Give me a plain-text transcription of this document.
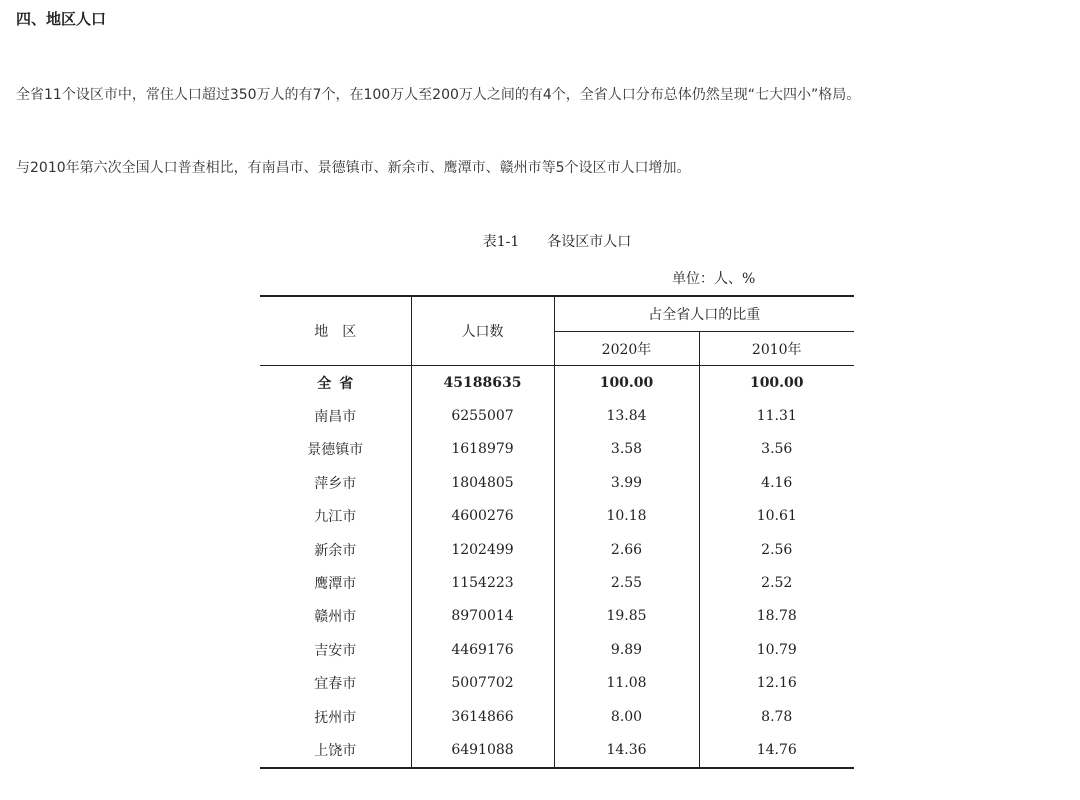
四、地区人口
全省11个设区市中，常住人口超过350万人的有7个，在100万人至200万人之间的有4个，全省人口分布总体仍然呈现“七大四小”格局。
与2010年第六次全国人口普查相比，有南昌市、景德镇市、新余市、鹰潭市、赣州市等5个设区市人口增加。
表1-1 各设区市人口
单位：人、%
地区	人口数	占全省人口的比重	
		2020年	2010年
全省	45188635	100.00	100.00
南昌市	6255007	13.84	11.31
景德镇市	1618979	3.58	3.56
萍乡市	1804805	3.99	4.16
九江市	4600276	10.18	10.61
新余市	1202499	2.66	2.56
鹰潭市	1154223	2.55	2.52
赣州市	8970014	19.85	18.78
吉安市	4469176	9.89	10.79
宜春市	5007702	11.08	12.16
抚州市	3614866	8.00	8.78
上饶市	6491088	14.36	14.76
